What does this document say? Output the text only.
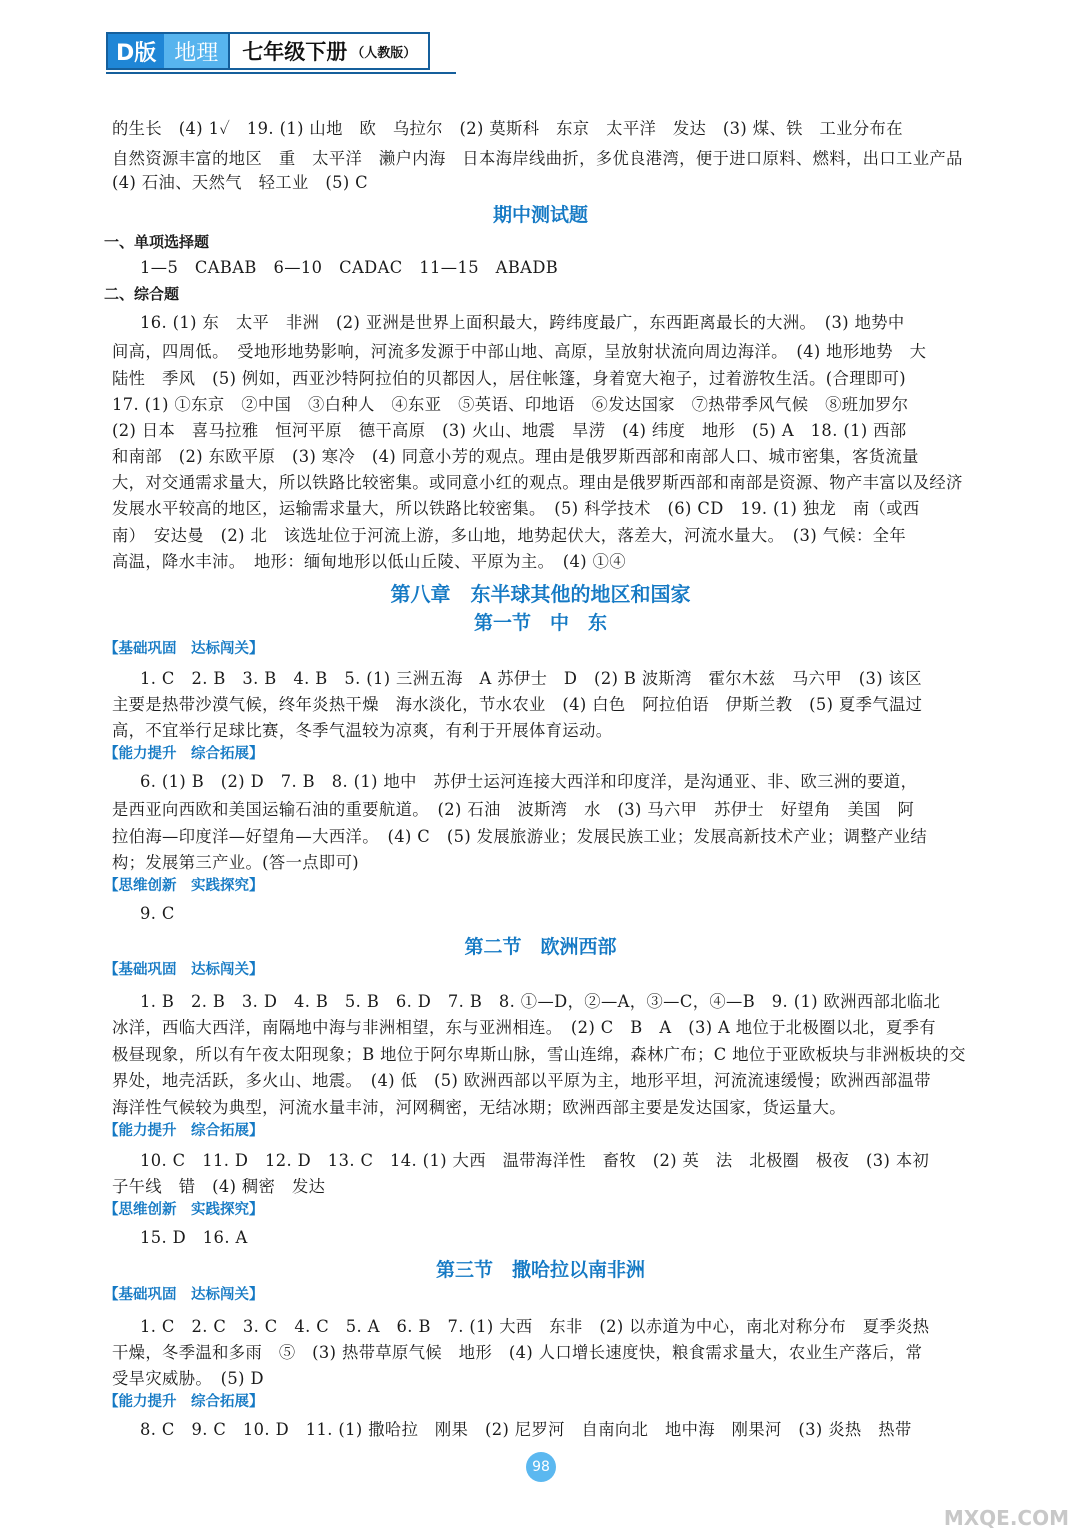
D版 地理	七年级下册 （人教版）
的生长　(4) 1✓　19. (1) 山地　欧　乌拉尔　(2) 莫斯科　东京　太平洋　发达　(3) 煤、铁　工业分布在
自然资源丰富的地区　重　太平洋　濑户内海　日本海岸线曲折，多优良港湾，便于进口原料、燃料，出口工业产品
(4) 石油、天然气　轻工业　(5) C
期中测试题
一、单项选择题
1—5　CABAB　6—10　CADAC　11—15　ABADB
二、综合题
16. (1) 东　太平　非洲　(2) 亚洲是世界上面积最大，跨纬度最广，东西距离最长的大洲。　(3) 地势中
间高，四周低。　受地形地势影响，河流多发源于中部山地、高原，呈放射状流向周边海洋。　(4) 地形地势　大
陆性　季风　(5) 例如，西亚沙特阿拉伯的贝都因人，居住帐篷，身着宽大袍子，过着游牧生活。(合理即可)
17. (1) ①东京　②中国　③白种人　④东亚　⑤英语、印地语　⑥发达国家　⑦热带季风气候　⑧班加罗尔
(2) 日本　喜马拉雅　恒河平原　德干高原　(3) 火山、地震　旱涝　(4) 纬度　地形　(5) A　18. (1) 西部
和南部　(2) 东欧平原　(3) 寒冷　(4) 同意小芳的观点。理由是俄罗斯西部和南部人口、城市密集，客货流量
大，对交通需求量大，所以铁路比较密集。或同意小红的观点。理由是俄罗斯西部和南部是资源、物产丰富以及经济
发展水平较高的地区，运输需求量大，所以铁路比较密集。　(5) 科学技术　(6) CD　19. (1) 独龙　南（或西
南）　安达曼　(2) 北　该选址位于河流上游，多山地，地势起伏大，落差大，河流水量大。　(3) 气候：全年
高温，降水丰沛。　地形：缅甸地形以低山丘陵、平原为主。　(4) ①④
第八章　东半球其他的地区和国家
第一节　中　东
【基础巩固　达标闯关】
1. C　2. B　3. B　4. B　5. (1) 三洲五海　A 苏伊士　D　(2) B 波斯湾　霍尔木兹　马六甲　(3) 该区
主要是热带沙漠气候，终年炎热干燥　海水淡化，节水农业　(4) 白色　阿拉伯语　伊斯兰教　(5) 夏季气温过
高，不宜举行足球比赛，冬季气温较为凉爽，有利于开展体育运动。
【能力提升　综合拓展】
6. (1) B　(2) D　7. B　8. (1) 地中　苏伊士运河连接大西洋和印度洋，是沟通亚、非、欧三洲的要道，
是西亚向西欧和美国运输石油的重要航道。　(2) 石油　波斯湾　水　(3) 马六甲　苏伊士　好望角　美国　阿
拉伯海—印度洋—好望角—大西洋。　(4) C　(5) 发展旅游业；发展民族工业；发展高新技术产业；调整产业结
构；发展第三产业。(答一点即可)
【思维创新　实践探究】
9. C
第二节　欧洲西部
【基础巩固　达标闯关】
1. B　2. B　3. D　4. B　5. B　6. D　7. B　8. ①—D，②—A，③—C，④—B　9. (1) 欧洲西部北临北
冰洋，西临大西洋，南隔地中海与非洲相望，东与亚洲相连。　(2) C　B　A　(3) A 地位于北极圈以北，夏季有
极昼现象，所以有午夜太阳现象；B 地位于阿尔卑斯山脉，雪山连绵，森林广布；C 地位于亚欧板块与非洲板块的交
界处，地壳活跃，多火山、地震。　(4) 低　(5) 欧洲西部以平原为主，地形平坦，河流流速缓慢；欧洲西部温带
海洋性气候较为典型，河流水量丰沛，河网稠密，无结冰期；欧洲西部主要是发达国家，货运量大。
【能力提升　综合拓展】
10. C　11. D　12. D　13. C　14. (1) 大西　温带海洋性　畜牧　(2) 英　法　北极圈　极夜　(3) 本初
子午线　错　(4) 稠密　发达
【思维创新　实践探究】
15. D　16. A
第三节　撒哈拉以南非洲
【基础巩固　达标闯关】
1. C　2. C　3. C　4. C　5. A　6. B　7. (1) 大西　东非　(2) 以赤道为中心，南北对称分布　夏季炎热
干燥，冬季温和多雨　⑤　(3) 热带草原气候　地形　(4) 人口增长速度快，粮食需求量大，农业生产落后，常
受旱灾威胁。　(5) D
【能力提升　综合拓展】
8. C　9. C　10. D　11. (1) 撒哈拉　刚果　(2) 尼罗河　自南向北　地中海　刚果河　(3) 炎热　热带
98
MXQE.COM
